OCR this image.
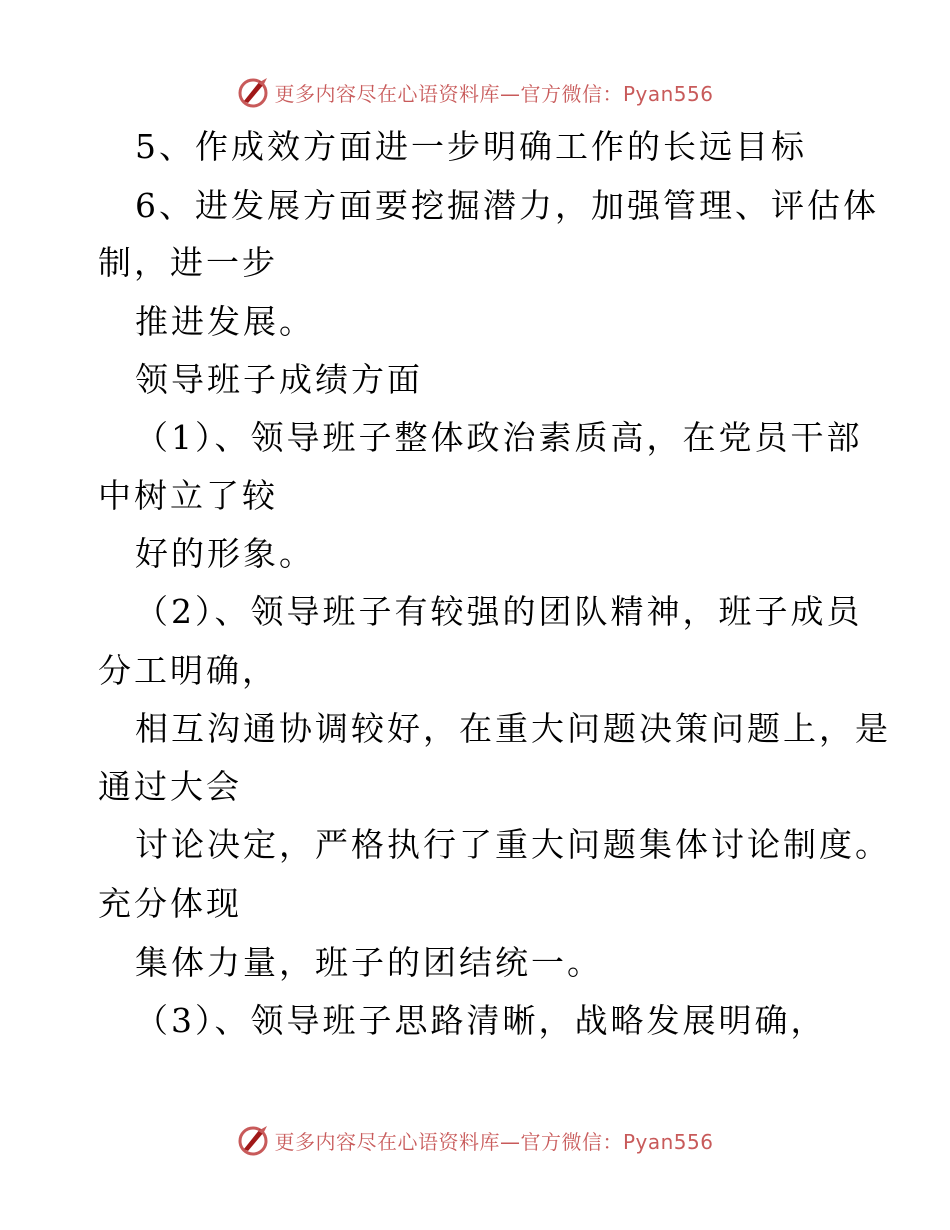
更多内容尽在心语资料库—官方微信：Pyan556
5、作成效方面进一步明确工作的长远目标
6、进发展方面要挖掘潜力，加强管理、评估体
制，进一步
推进发展。
领导班子成绩方面
（1）、领导班子整体政治素质高，在党员干部
中树立了较
好的形象。
（2）、领导班子有较强的团队精神，班子成员
分工明确，
相互沟通协调较好，在重大问题决策问题上，是
通过大会
讨论决定，严格执行了重大问题集体讨论制度。
充分体现
集体力量，班子的团结统一。
（3）、领导班子思路清晰，战略发展明确，
更多内容尽在心语资料库—官方微信：Pyan556
